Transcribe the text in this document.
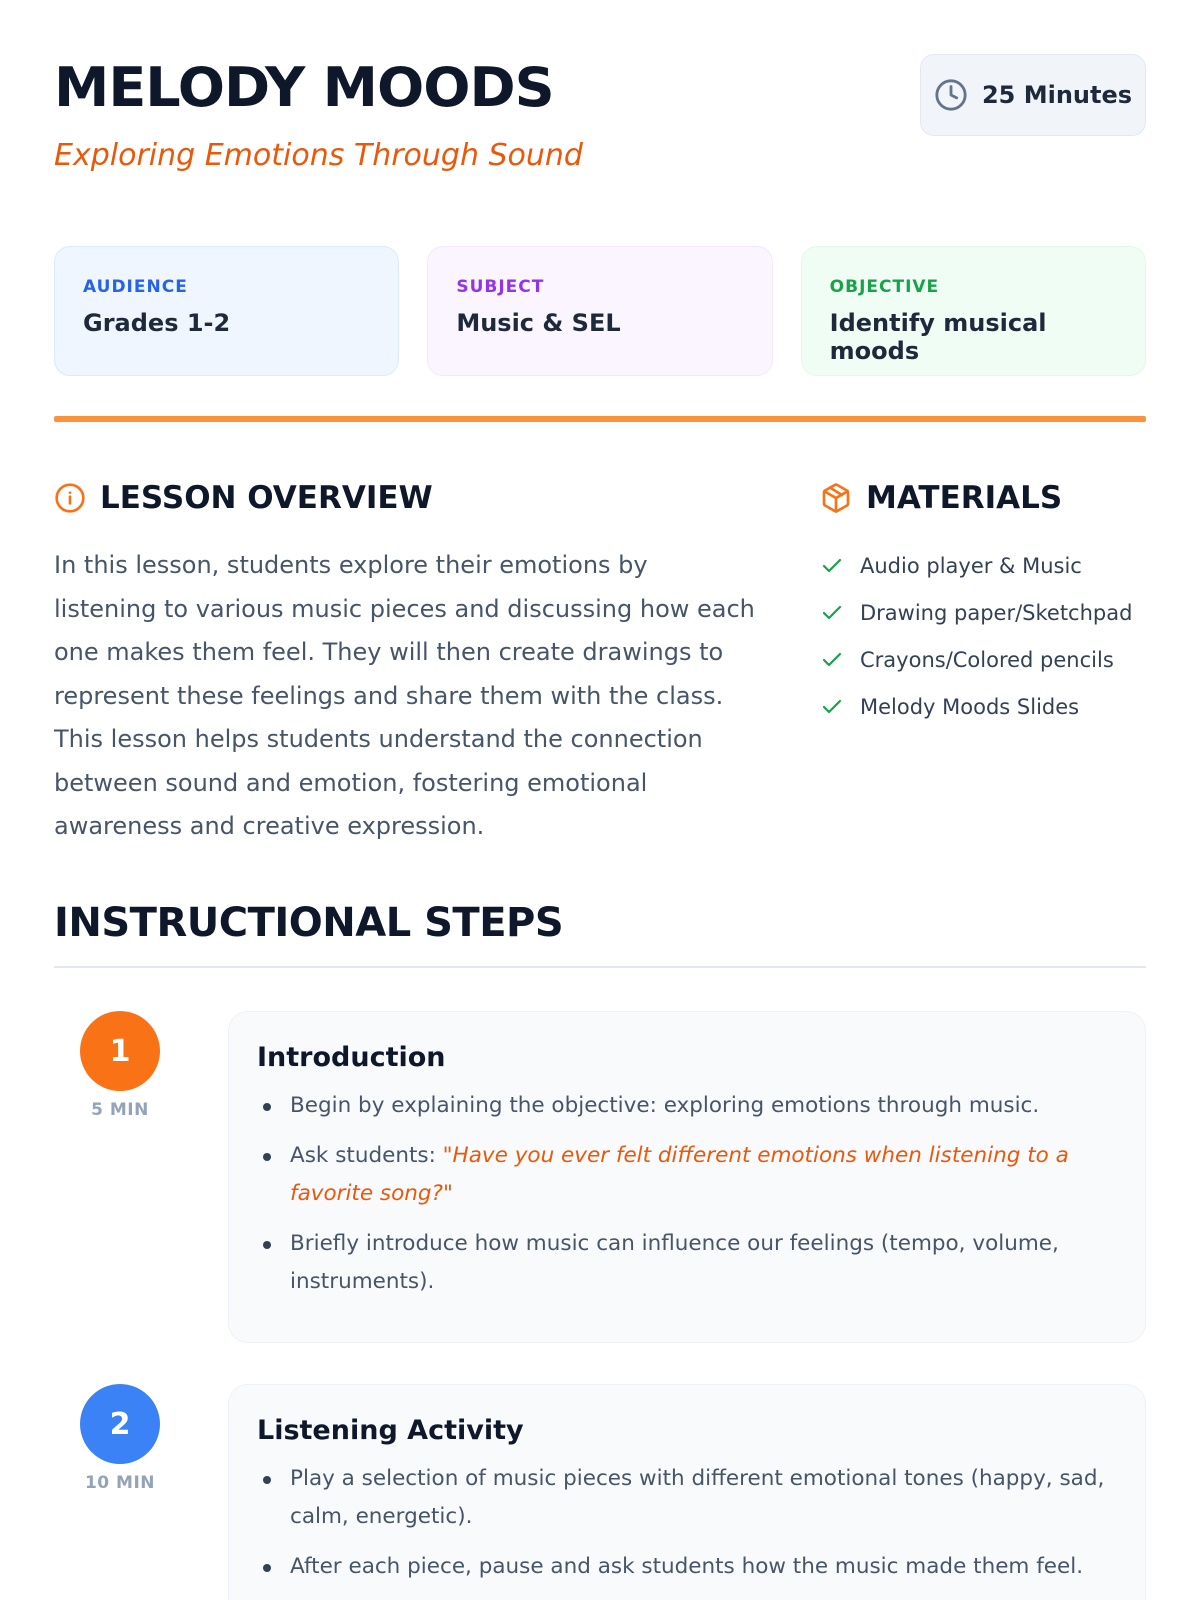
MELODY MOODS
Exploring Emotions Through Sound
25 Minutes
AUDIENCE
Grades 1-2
SUBJECT
Music & SEL
OBJECTIVE
Identify musical moods
LESSON OVERVIEW

In this lesson, students explore their emotions by listening to various music pieces and discussing how each one makes them feel. They will then create drawings to represent these feelings and share them with the class. This lesson helps students understand the connection between sound and emotion, fostering emotional awareness and creative expression.

MATERIALS
Audio player & Music
Drawing paper/Sketchpad
Crayons/Colored pencils
Melody Moods Slides
INSTRUCTIONAL STEPS
1
5 MIN
Introduction
Begin by explaining the objective: exploring emotions through music.
Ask students: "Have you ever felt different emotions when listening to a favorite song?"
Briefly introduce how music can influence our feelings (tempo, volume, instruments).
2
10 MIN
Listening Activity
Play a selection of music pieces with different emotional tones (happy, sad, calm, energetic).
After each piece, pause and ask students how the music made them feel.
